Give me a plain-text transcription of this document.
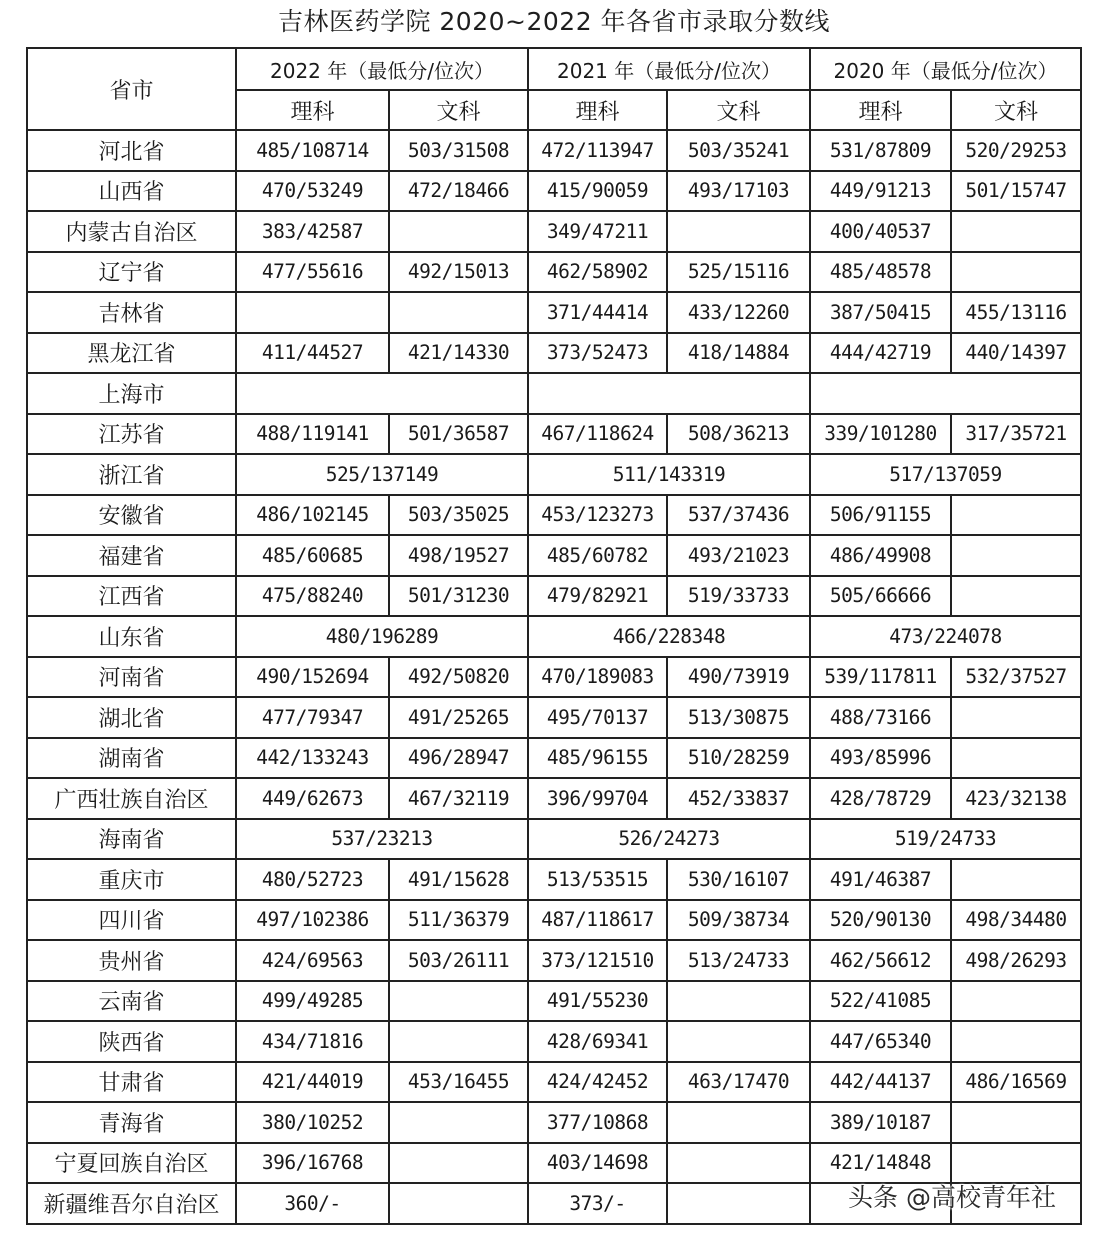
吉林医药学院 2020~2022 年各省市录取分数线
省市	2022 年（最低分/位次）		2021 年（最低分/位次）		2020 年（最低分/位次）	
	理科	文科	理科	文科	理科	文科
河北省	485/108714	503/31508	472/113947	503/35241	531/87809	520/29253
山西省	470/53249	472/18466	415/90059	493/17103	449/91213	501/15747
内蒙古自治区	383/42587		349/47211		400/40537	
辽宁省	477/55616	492/15013	462/58902	525/15116	485/48578	
吉林省			371/44414	433/12260	387/50415	455/13116
黑龙江省	411/44527	421/14330	373/52473	418/14884	444/42719	440/14397
上海市						
江苏省	488/119141	501/36587	467/118624	508/36213	339/101280	317/35721
浙江省	525/137149		511/143319		517/137059	
安徽省	486/102145	503/35025	453/123273	537/37436	506/91155	
福建省	485/60685	498/19527	485/60782	493/21023	486/49908	
江西省	475/88240	501/31230	479/82921	519/33733	505/66666	
山东省	480/196289		466/228348		473/224078	
河南省	490/152694	492/50820	470/189083	490/73919	539/117811	532/37527
湖北省	477/79347	491/25265	495/70137	513/30875	488/73166	
湖南省	442/133243	496/28947	485/96155	510/28259	493/85996	
广西壮族自治区	449/62673	467/32119	396/99704	452/33837	428/78729	423/32138
海南省	537/23213		526/24273		519/24733	
重庆市	480/52723	491/15628	513/53515	530/16107	491/46387	
四川省	497/102386	511/36379	487/118617	509/38734	520/90130	498/34480
贵州省	424/69563	503/26111	373/121510	513/24733	462/56612	498/26293
云南省	499/49285		491/55230		522/41085	
陕西省	434/71816		428/69341		447/65340	
甘肃省	421/44019	453/16455	424/42452	463/17470	442/44137	486/16569
青海省	380/10252		377/10868		389/10187	
宁夏回族自治区	396/16768		403/14698		421/14848	
新疆维吾尔自治区	360/-		373/-				头条 @高校青年社
